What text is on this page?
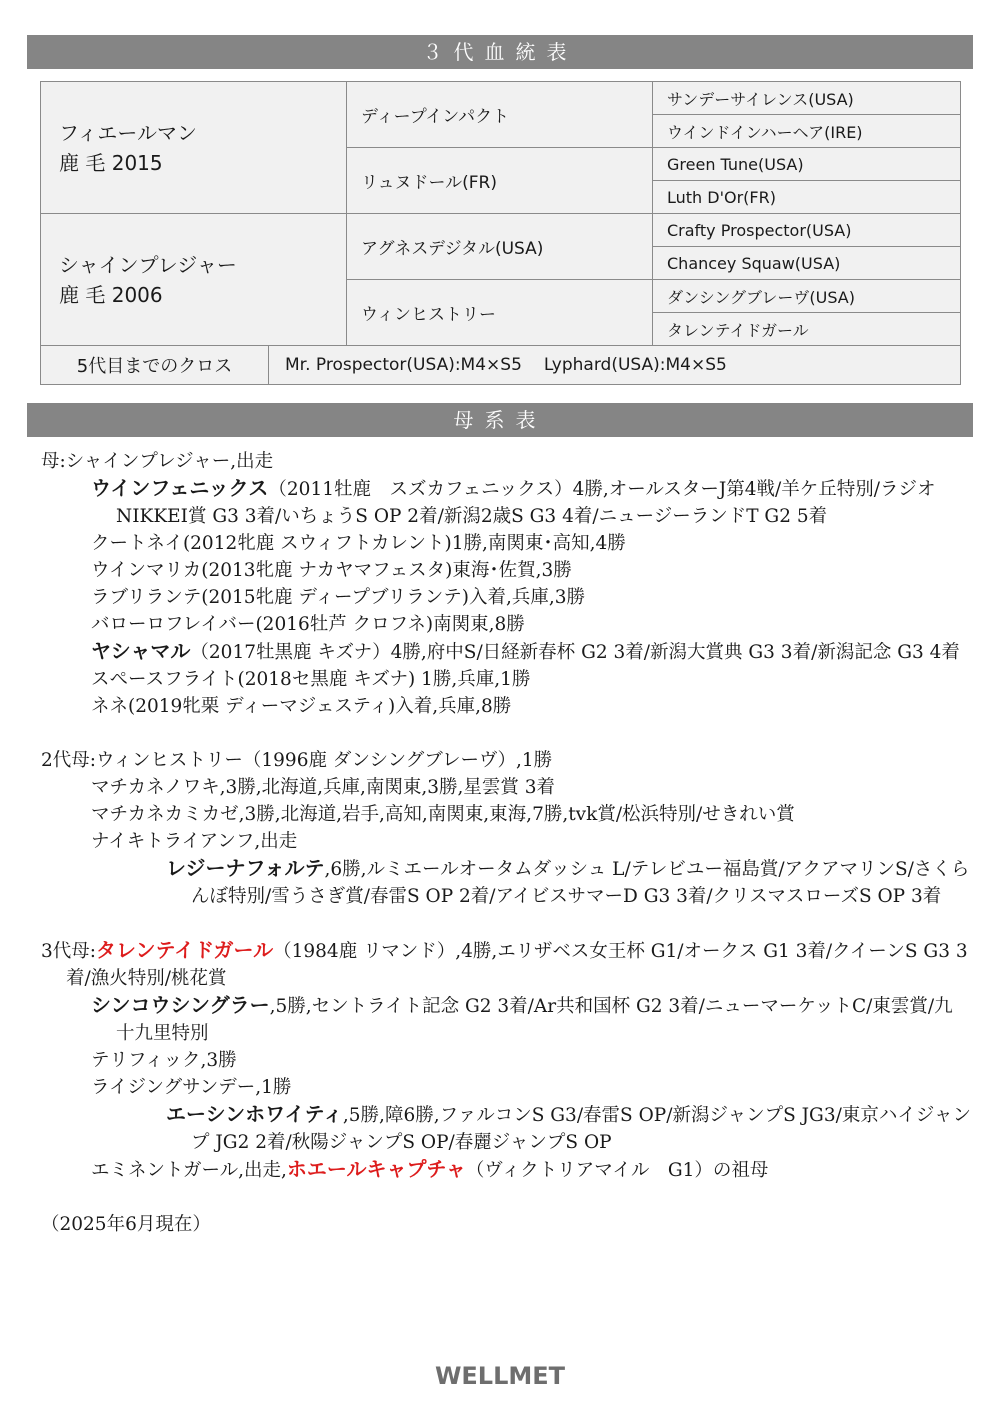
３代血統表
フィエールマン
鹿 毛 2015		ディープインパクト	サンデーサイレンス(USA)
			ウインドインハーヘア(IRE)
		リュヌドール(FR)	Green Tune(USA)
			Luth D'Or(FR)

シャインプレジャー
鹿 毛 2006		アグネスデジタル(USA)	Crafty Prospector(USA)
			Chancey Squaw(USA)
		ウィンヒストリー	ダンシングブレーヴ(USA)
			タレンテイドガール
5代目までのクロス	Mr. Prospector(USA):M4×S5 Lyphard(USA):M4×S5		
母系表

母:シャインプレジャー,出走

ウインフェニックス（2011牡鹿　スズカフェニックス）4勝,オールスターJ第4戦/羊ケ丘特別/ラジオNIKKEI賞 G3 3着/いちょうS OP 2着/新潟2歳S G3 4着/ニュージーランドT G2 5着

クートネイ(2012牝鹿 スウィフトカレント)1勝,南関東･高知,4勝

ウインマリカ(2013牝鹿 ナカヤマフェスタ)東海･佐賀,3勝

ラブリランテ(2015牝鹿 ディープブリランテ)入着,兵庫,3勝

バローロフレイバー(2016牡芦 クロフネ)南関東,8勝

ヤシャマル（2017牡黒鹿 キズナ）4勝,府中S/日経新春杯 G2 3着/新潟大賞典 G3 3着/新潟記念 G3 4着

スペースフライト(2018セ黒鹿 キズナ) 1勝,兵庫,1勝

ネネ(2019牝栗 ディーマジェスティ)入着,兵庫,8勝

2代母:ウィンヒストリー（1996鹿 ダンシングブレーヴ）,1勝

マチカネノワキ,3勝,北海道,兵庫,南関東,3勝,星雲賞 3着

マチカネカミカゼ,3勝,北海道,岩手,高知,南関東,東海,7勝,tvk賞/松浜特別/せきれい賞

ナイキトライアンフ,出走

レジーナフォルテ,6勝,ルミエールオータムダッシュ L/テレビユー福島賞/アクアマリンS/さくらんぼ特別/雪うさぎ賞/春雷S OP 2着/アイビスサマーD G3 3着/クリスマスローズS OP 3着

3代母:タレンテイドガール（1984鹿 リマンド）,4勝,エリザベス女王杯 G1/オークス G1 3着/クイーンS G3 3着/漁火特別/桃花賞

シンコウシングラー,5勝,セントライト記念 G2 3着/Ar共和国杯 G2 3着/ニューマーケットC/東雲賞/九十九里特別

テリフィック,3勝

ライジングサンデー,1勝

エーシンホワイティ,5勝,障6勝,ファルコンS G3/春雷S OP/新潟ジャンプS JG3/東京ハイジャンプ JG2 2着/秋陽ジャンプS OP/春麗ジャンプS OP

エミネントガール,出走,ホエールキャプチャ（ヴィクトリアマイル　G1）の祖母

（2025年6月現在）

WELLMET
